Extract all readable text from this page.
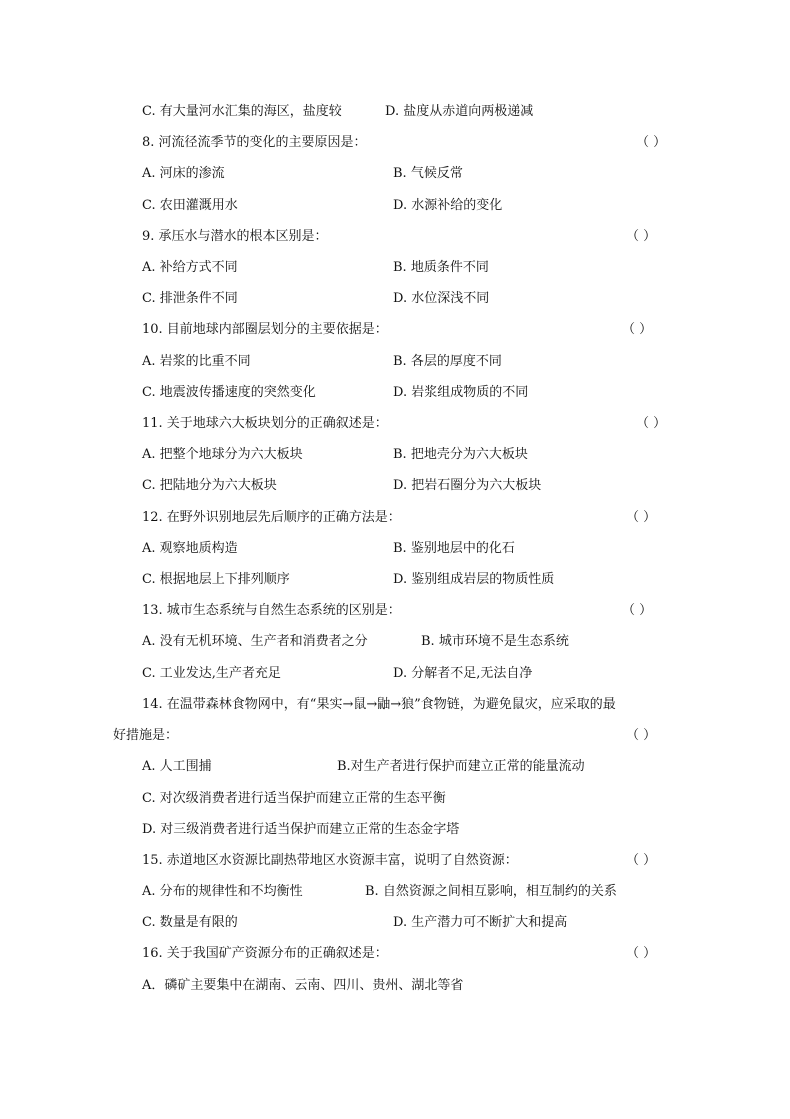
C. 有大量河水汇集的海区，盐度较	D. 盐度从赤道向两极递减
8. 河流径流季节的变化的主要原因是：	（ ）
A. 河床的渗流	B. 气候反常
C. 农田灌溉用水	D. 水源补给的变化
9. 承压水与潜水的根本区别是：	（ ）
A. 补给方式不同	B. 地质条件不同
C. 排泄条件不同	D. 水位深浅不同
10. 目前地球内部圈层划分的主要依据是：	（ ）
A. 岩浆的比重不同	B. 各层的厚度不同
C. 地震波传播速度的突然变化	D. 岩浆组成物质的不同
11. 关于地球六大板块划分的正确叙述是：	（ ）
A. 把整个地球分为六大板块	B. 把地壳分为六大板块
C. 把陆地分为六大板块	D. 把岩石圈分为六大板块
12. 在野外识别地层先后顺序的正确方法是：	（ ）
A. 观察地质构造	B. 鉴别地层中的化石
C. 根据地层上下排列顺序	D. 鉴别组成岩层的物质性质
13. 城市生态系统与自然生态系统的区别是：	（ ）
A. 没有无机环境、生产者和消费者之分	B. 城市环境不是生态系统
C. 工业发达,生产者充足	D. 分解者不足,无法自净
14. 在温带森林食物网中，有“果实→鼠→鼬→狼”食物链，为避免鼠灾，应采取的最
好措施是：	（ ）
A. 人工围捕	B.对生产者进行保护而建立正常的能量流动
C. 对次级消费者进行适当保护而建立正常的生态平衡
D. 对三级消费者进行适当保护而建立正常的生态金字塔
15. 赤道地区水资源比副热带地区水资源丰富，说明了自然资源：	（ ）
A. 分布的规律性和不均衡性	B. 自然资源之间相互影响，相互制约的关系
C. 数量是有限的	D. 生产潜力可不断扩大和提高
16. 关于我国矿产资源分布的正确叙述是：	（ ）
A．磷矿主要集中在湖南、云南、四川、贵州、湖北等省
